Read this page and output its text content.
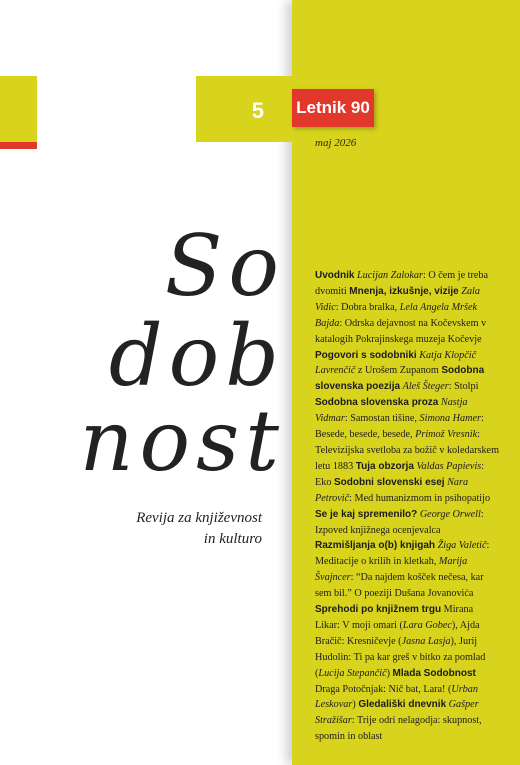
5	Letnik 90
maj 2026
So
dob
nost
Revija za književnost
in kulturo
Uvodnik Lucijan Zalokar: O čem je treba dvomiti Mnenja, izkušnje, vizije Zala Vidic: Dobra bralka, Lela Angela Mršek Bajda: Odrska dejavnost na Kočevskem v katalogih Pokrajinskega muzeja Kočevje Pogovori s sodobniki Katja Klopčič Lavrenčič z Urošem Zupanom Sodobna slovenska poezija Aleš Šteger: Stolpi Sodobna slovenska proza Nastja Vidmar: Samostan tišine, Simona Hamer: Besede, besede, besede, Primož Vresnik: Televizijska svetloba za božič v koledarskem letu 1883 Tuja obzorja Valdas Papievis: Eko Sodobni slovenski esej Nara Petrovič: Med humanizmom in psihopatijo Se je kaj spremenilo? George Orwell: Izpoved knjižnega ocenjevalca Razmišljanja o(b) knjigah Žiga Valetič: Meditacije o krilih in kletkah, Marija Švajncer: “Da najdem košček nečesa, kar sem bil.” O poeziji Dušana Jovanovića Sprehodi po knjižnem trgu Mirana Likar: V moji omari (Lara Gobec), Ajda Bračič: Kresničevje (Jasna Lasja), Jurij Hudolin: Ti pa kar greš v bitko za pomlad (Lucija Stepančič) Mlada Sodobnost Draga Potočnjak: Nič bat, Lara! (Urban Leskovar) Gledališki dnevnik Gašper Stražišar: Trije odri nelagodja: skupnost, spomin in oblast
